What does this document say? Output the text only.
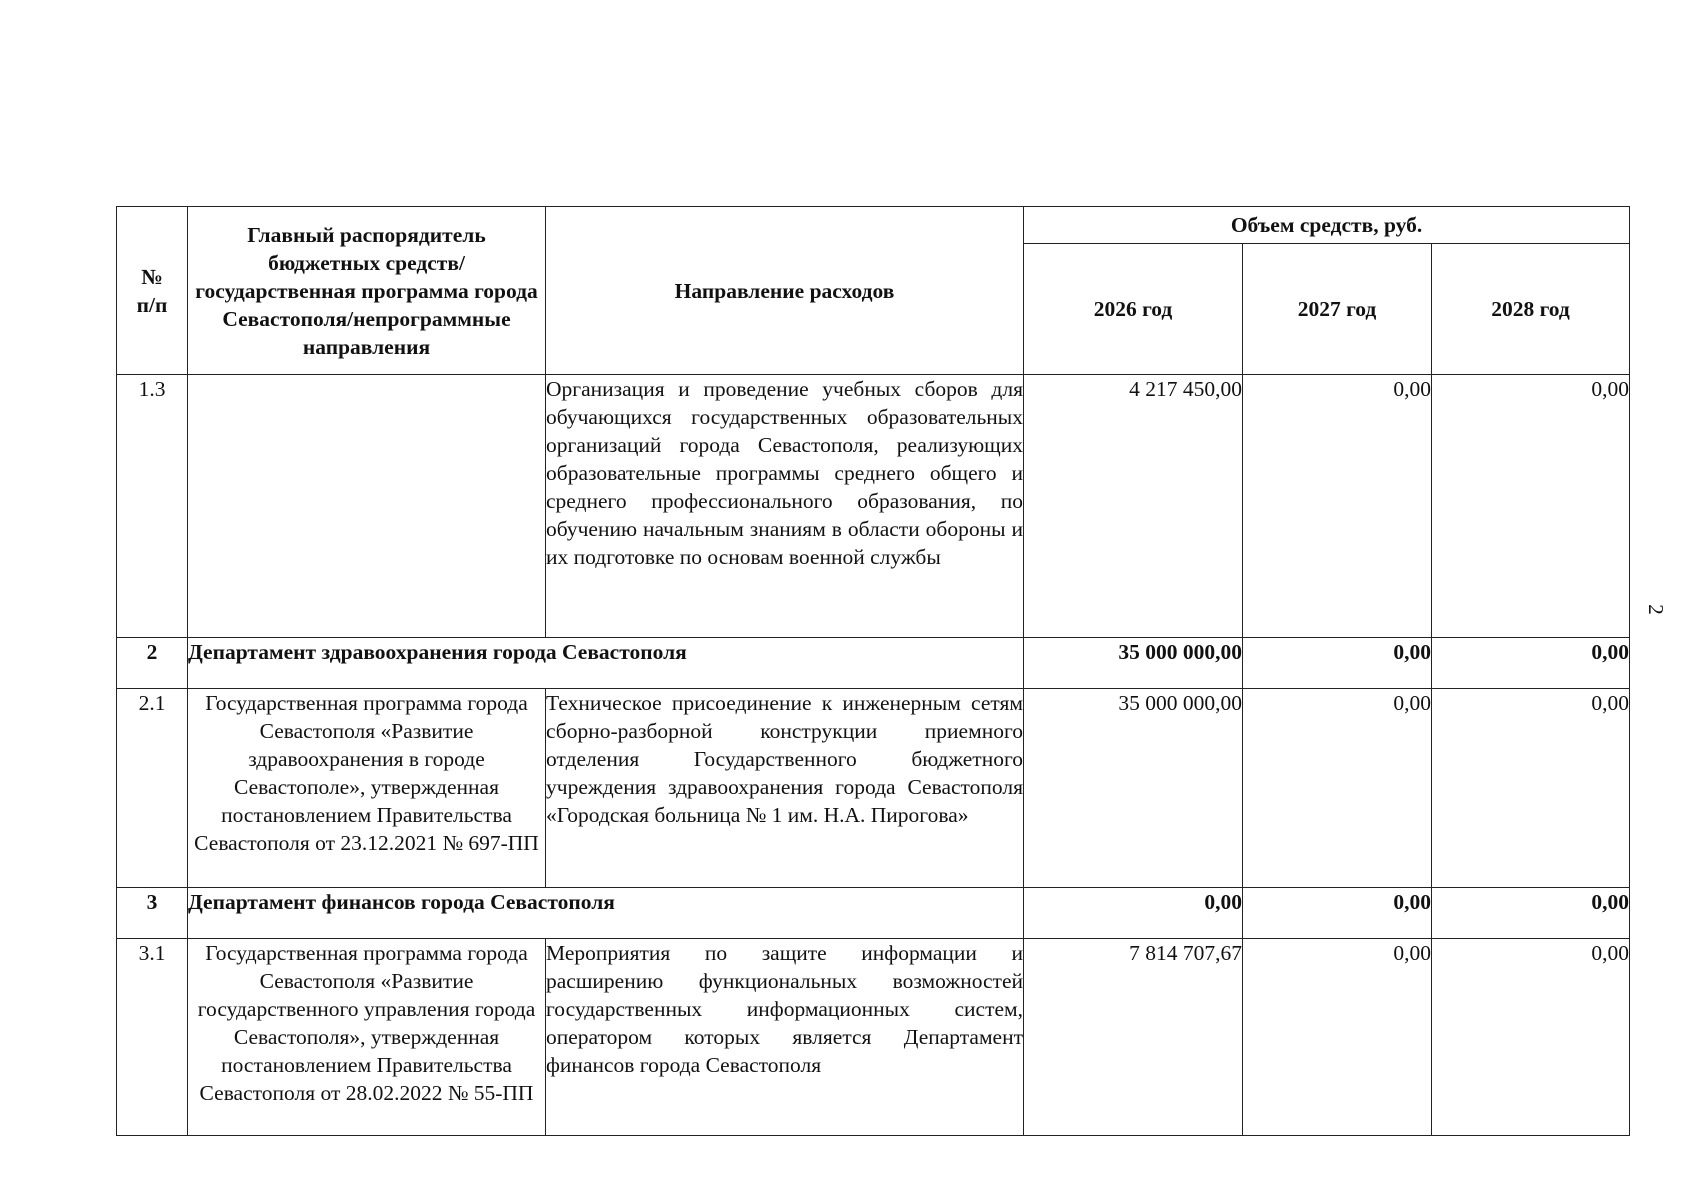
2
№
п/п	Главный распорядитель бюджетных средств/государственная программа города Севастополя/непрограммные направления	Направление расходов	Объем средств, руб.		
			2026 год	2027 год	2028 год
1.3		Организация и проведение учебных сборов для обучающихся государственных образовательных организаций города Севастополя, реализующих образовательные программы среднего общего и среднего профессионального образования, по обучению начальным знаниям в области обороны и их подготовке по основам военной службы	4 217 450,00	0,00	0,00
2	Департамент здравоохранения города Севастополя		35 000 000,00	0,00	0,00
2.1	Государственная программа города Севастополя «Развитие здравоохранения в городе Севастополе», утвержденная постановлением Правительства Севастополя от 23.12.2021 № 697-ПП	Техническое присоединение к инженерным сетям сборно-разборной конструкции приемного отделения Государственного бюджетного учреждения здравоохранения города Севастополя «Городская больница № 1 им. Н.А. Пирогова»	35 000 000,00	0,00	0,00
3	Департамент финансов города Севастополя		0,00	0,00	0,00
3.1	Государственная программа города Севастополя «Развитие государственного управления города Севастополя», утвержденная постановлением Правительства Севастополя от 28.02.2022 № 55-ПП	Мероприятия по защите информации и расширению функциональных возможностей государственных информационных систем, оператором которых является Департамент финансов города Севастополя	7 814 707,67	0,00	0,00
